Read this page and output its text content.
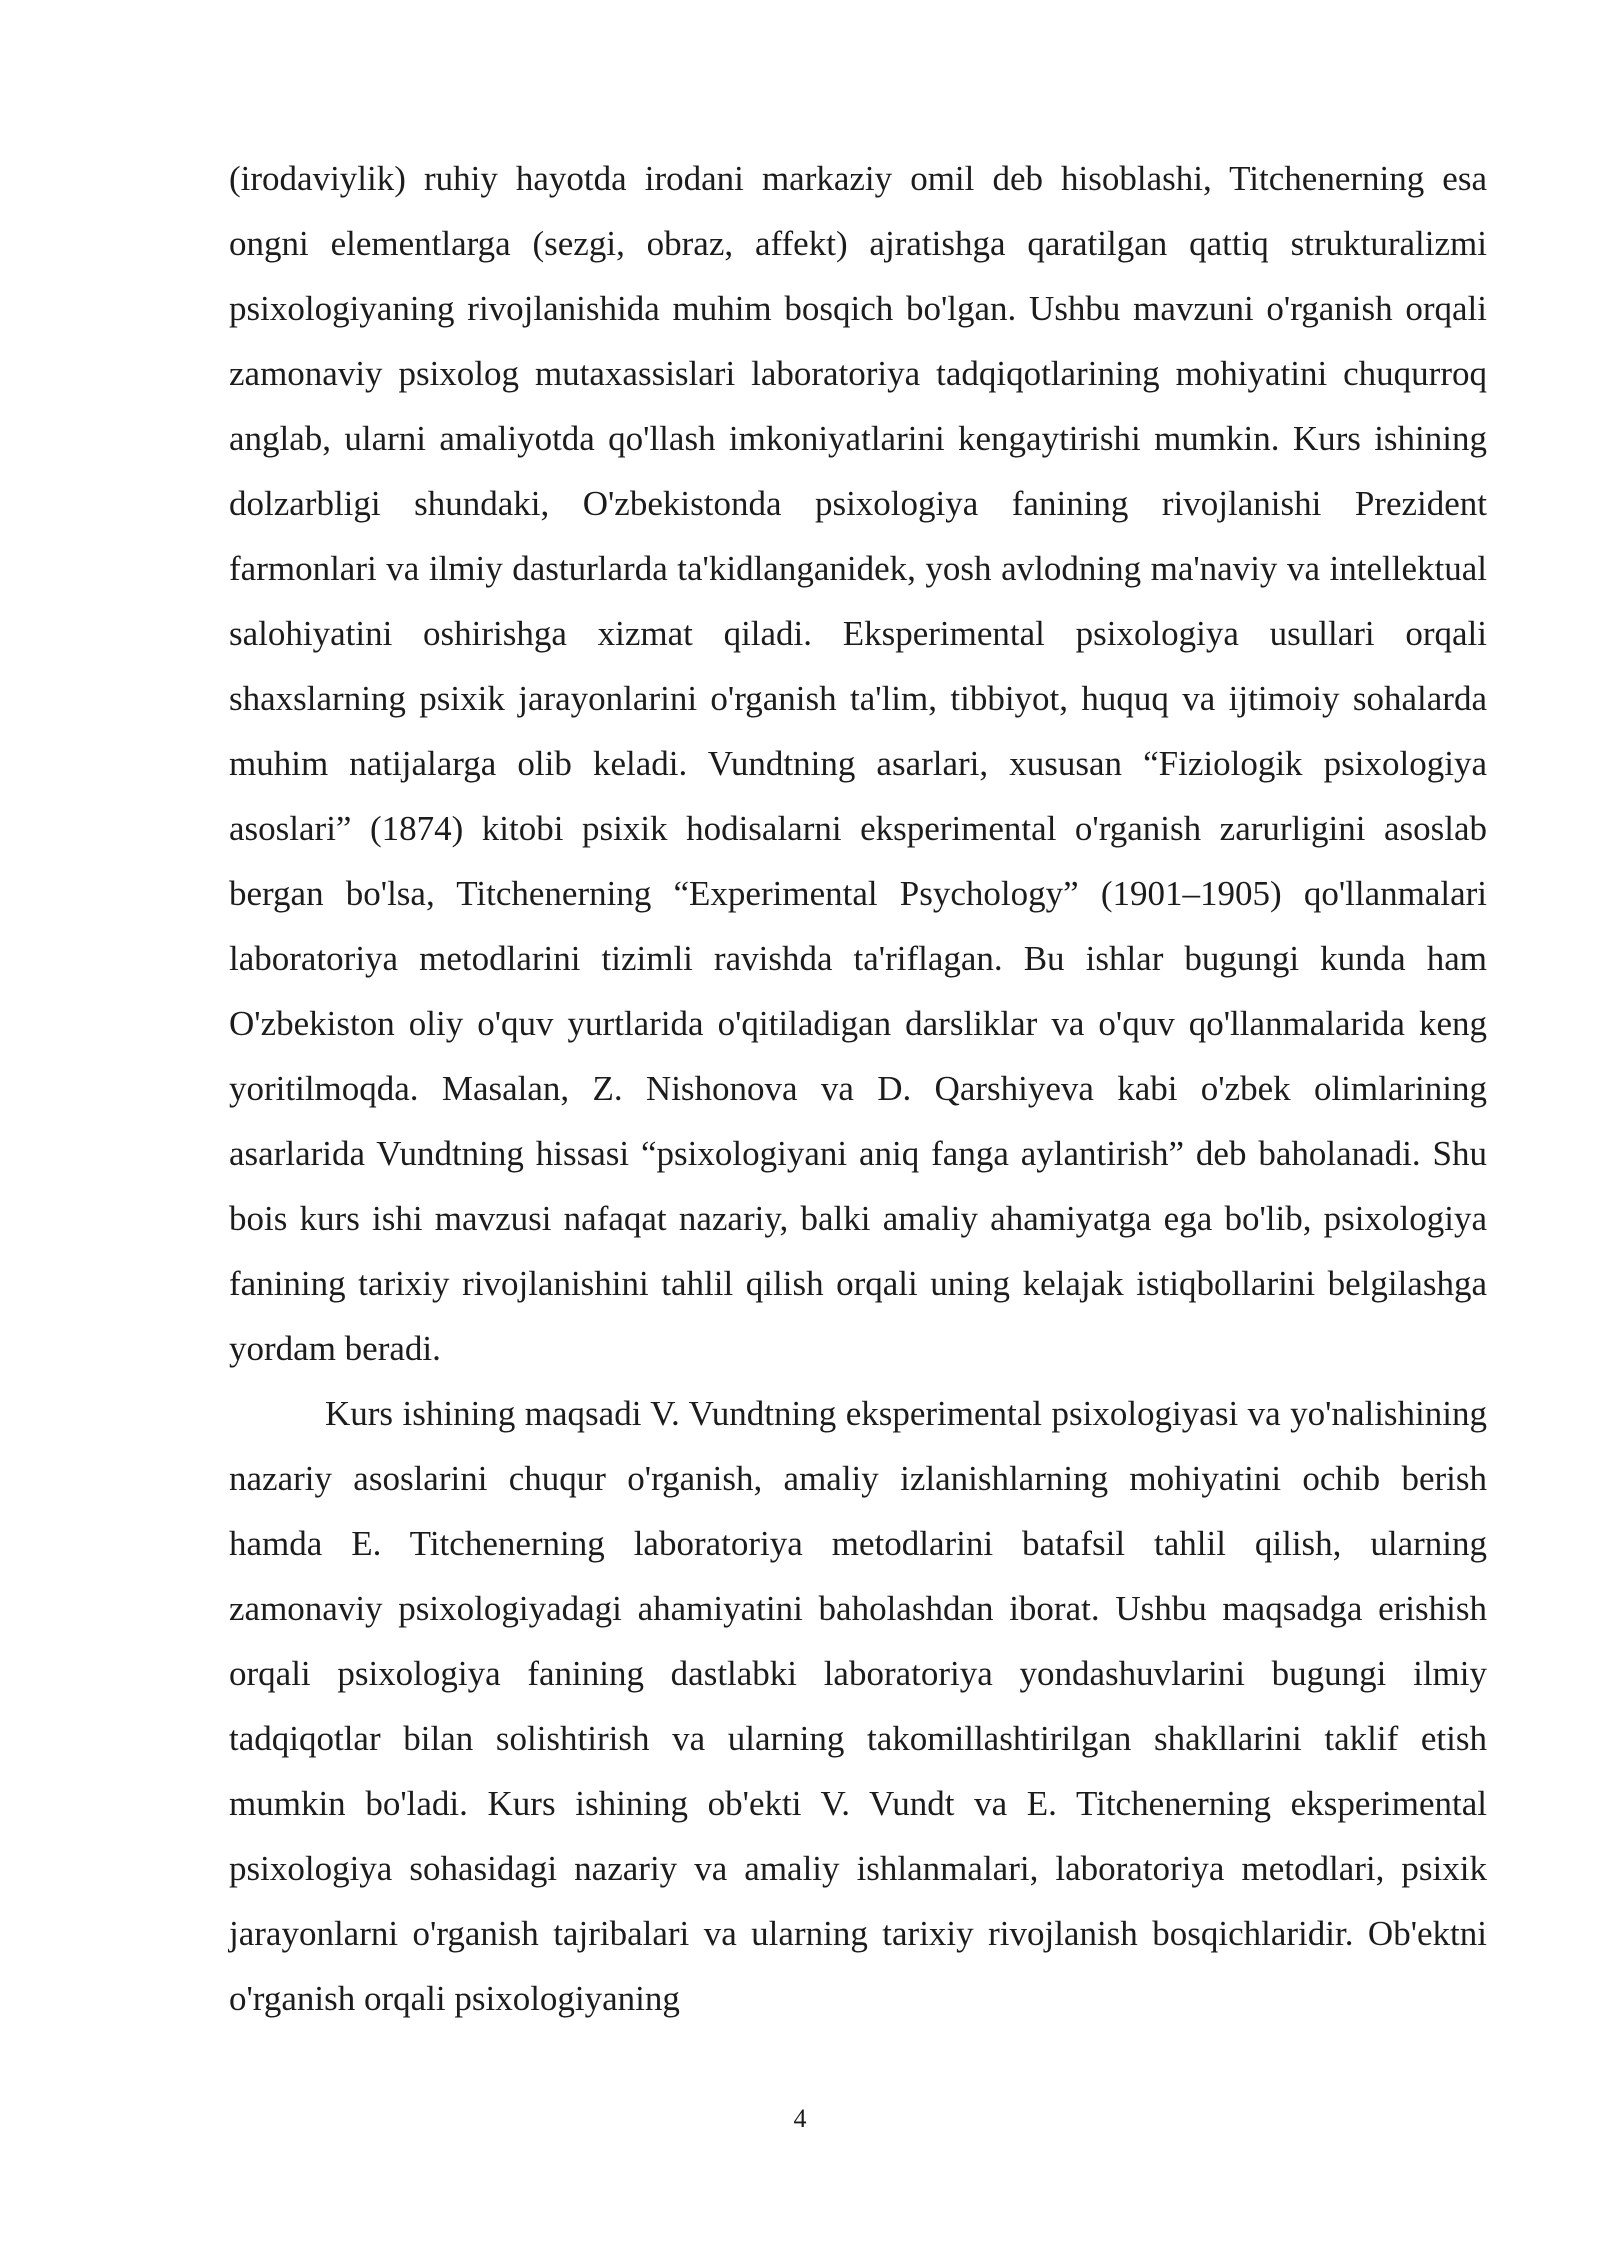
(irodaviylik) ruhiy hayotda irodani markaziy omil deb hisoblashi, Titchenerning esa ongni elementlarga (sezgi, obraz, affekt) ajratishga qaratilgan qattiq strukturalizmi psixologiyaning rivojlanishida muhim bosqich bo'lgan. Ushbu mavzuni o'rganish orqali zamonaviy psixolog mutaxassislari laboratoriya tadqiqotlarining mohiyatini chuqurroq anglab, ularni amaliyotda qo'llash imkoniyatlarini kengaytirishi mumkin. Kurs ishining dolzarbligi shundaki, O'zbekistonda psixologiya fanining rivojlanishi Prezident farmonlari va ilmiy dasturlarda ta'kidlanganidek, yosh avlodning ma'naviy va intellektual salohiyatini oshirishga xizmat qiladi. Eksperimental psixologiya usullari orqali shaxslarning psixik jarayonlarini o'rganish ta'lim, tibbiyot, huquq va ijtimoiy sohalarda muhim natijalarga olib keladi. Vundtning asarlari, xususan “Fiziologik psixologiya asoslari” (1874) kitobi psixik hodisalarni eksperimental o'rganish zarurligini asoslab bergan bo'lsa, Titchenerning “Experimental Psychology” (1901–1905) qo'llanmalari laboratoriya metodlarini tizimli ravishda ta'riflagan. Bu ishlar bugungi kunda ham O'zbekiston oliy o'quv yurtlarida o'qitiladigan darsliklar va o'quv qo'llanmalarida keng yoritilmoqda. Masalan, Z. Nishonova va D. Qarshiyeva kabi o'zbek olimlarining asarlarida Vundtning hissasi “psixologiyani aniq fanga aylantirish” deb baholanadi. Shu bois kurs ishi mavzusi nafaqat nazariy, balki amaliy ahamiyatga ega bo'lib, psixologiya fanining tarixiy rivojlanishini tahlil qilish orqali uning kelajak istiqbollarini belgilashga yordam beradi.

Kurs ishining maqsadi V. Vundtning eksperimental psixologiyasi va yo'nalishining nazariy asoslarini chuqur o'rganish, amaliy izlanishlarning mohiyatini ochib berish hamda E. Titchenerning laboratoriya metodlarini batafsil tahlil qilish, ularning zamonaviy psixologiyadagi ahamiyatini baholashdan iborat. Ushbu maqsadga erishish orqali psixologiya fanining dastlabki laboratoriya yondashuvlarini bugungi ilmiy tadqiqotlar bilan solishtirish va ularning takomillashtirilgan shakllarini taklif etish mumkin bo'ladi. Kurs ishining ob'ekti V. Vundt va E. Titchenerning eksperimental psixologiya sohasidagi nazariy va amaliy ishlanmalari, laboratoriya metodlari, psixik jarayonlarni o'rganish tajribalari va ularning tarixiy rivojlanish bosqichlaridir. Ob'ektni o'rganish orqali psixologiyaning

4
